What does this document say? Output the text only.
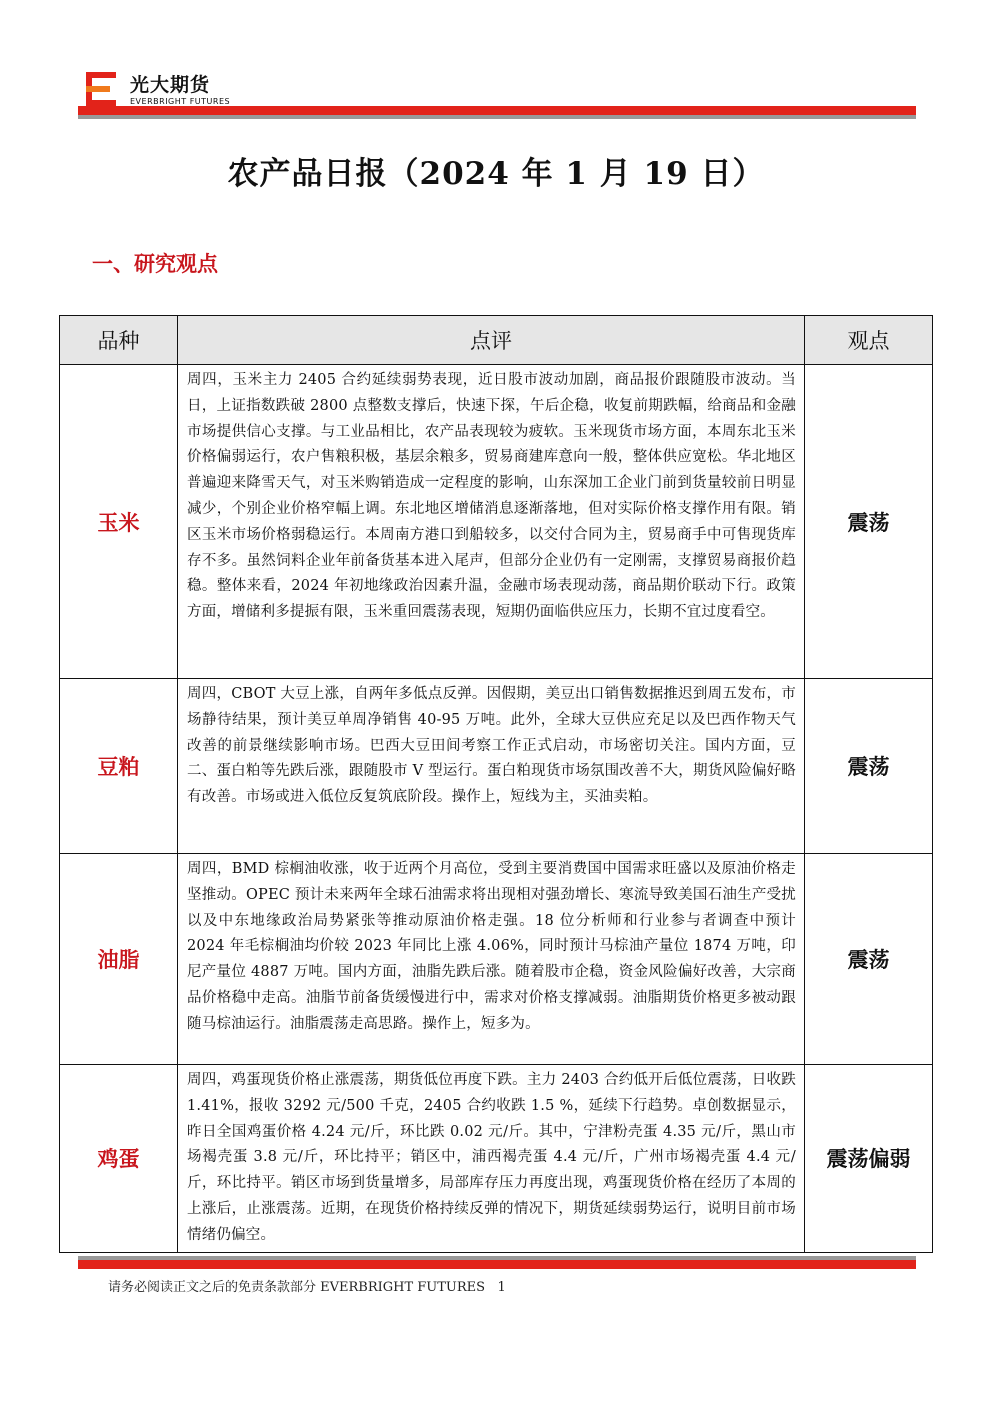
光大期货
EVERBRIGHT FUTURES
农产品日报（2024 年 1 月 19 日）
一、研究观点
品种	点评	观点
玉米	周四，玉米主力 2405 合约延续弱势表现，近日股市波动加剧，商品报价跟随股市波动。当日，上证指数跌破 2800 点整数支撑后，快速下探，午后企稳，收复前期跌幅，给商品和金融市场提供信心支撑。与工业品相比，农产品表现较为疲软。玉米现货市场方面，本周东北玉米价格偏弱运行，农户售粮积极，基层余粮多，贸易商建库意向一般，整体供应宽松。华北地区普遍迎来降雪天气，对玉米购销造成一定程度的影响，山东深加工企业门前到货量较前日明显减少，个别企业价格窄幅上调。东北地区增储消息逐渐落地，但对实际价格支撑作用有限。销区玉米市场价格弱稳运行。本周南方港口到船较多，以交付合同为主，贸易商手中可售现货库存不多。虽然饲料企业年前备货基本进入尾声，但部分企业仍有一定刚需，支撑贸易商报价趋稳。整体来看，2024 年初地缘政治因素升温，金融市场表现动荡，商品期价联动下行。政策方面，增储利多提振有限，玉米重回震荡表现，短期仍面临供应压力，长期不宜过度看空。	震荡
豆粕	周四，CBOT 大豆上涨，自两年多低点反弹。因假期，美豆出口销售数据推迟到周五发布，市场静待结果，预计美豆单周净销售 40-95 万吨。此外，全球大豆供应充足以及巴西作物天气改善的前景继续影响市场。巴西大豆田间考察工作正式启动，市场密切关注。国内方面，豆二、蛋白粕等先跌后涨，跟随股市 V 型运行。蛋白粕现货市场氛围改善不大，期货风险偏好略有改善。市场或进入低位反复筑底阶段。操作上，短线为主，买油卖粕。	震荡
油脂	周四，BMD 棕榈油收涨，收于近两个月高位，受到主要消费国中国需求旺盛以及原油价格走坚推动。OPEC 预计未来两年全球石油需求将出现相对强劲增长、寒流导致美国石油生产受扰以及中东地缘政治局势紧张等推动原油价格走强。18 位分析师和行业参与者调查中预计 2024 年毛棕榈油均价较 2023 年同比上涨 4.06%，同时预计马棕油产量位 1874 万吨，印尼产量位 4887 万吨。国内方面，油脂先跌后涨。随着股市企稳，资金风险偏好改善，大宗商品价格稳中走高。油脂节前备货缓慢进行中，需求对价格支撑减弱。油脂期货价格更多被动跟随马棕油运行。油脂震荡走高思路。操作上，短多为。	震荡
鸡蛋	周四，鸡蛋现货价格止涨震荡，期货低位再度下跌。主力 2403 合约低开后低位震荡，日收跌 1.41%，报收 3292 元/500 千克，2405 合约收跌 1.5 %，延续下行趋势。卓创数据显示，昨日全国鸡蛋价格 4.24 元/斤，环比跌 0.02 元/斤。其中，宁津粉壳蛋 4.35 元/斤，黑山市场褐壳蛋 3.8 元/斤，环比持平；销区中，浦西褐壳蛋 4.4 元/斤，广州市场褐壳蛋 4.4 元/斤，环比持平。销区市场到货量增多，局部库存压力再度出现，鸡蛋现货价格在经历了本周的上涨后，止涨震荡。近期，在现货价格持续反弹的情况下，期货延续弱势运行，说明目前市场情绪仍偏空。	震荡偏弱
请务必阅读正文之后的免责条款部分 EVERBRIGHT FUTURES 1
